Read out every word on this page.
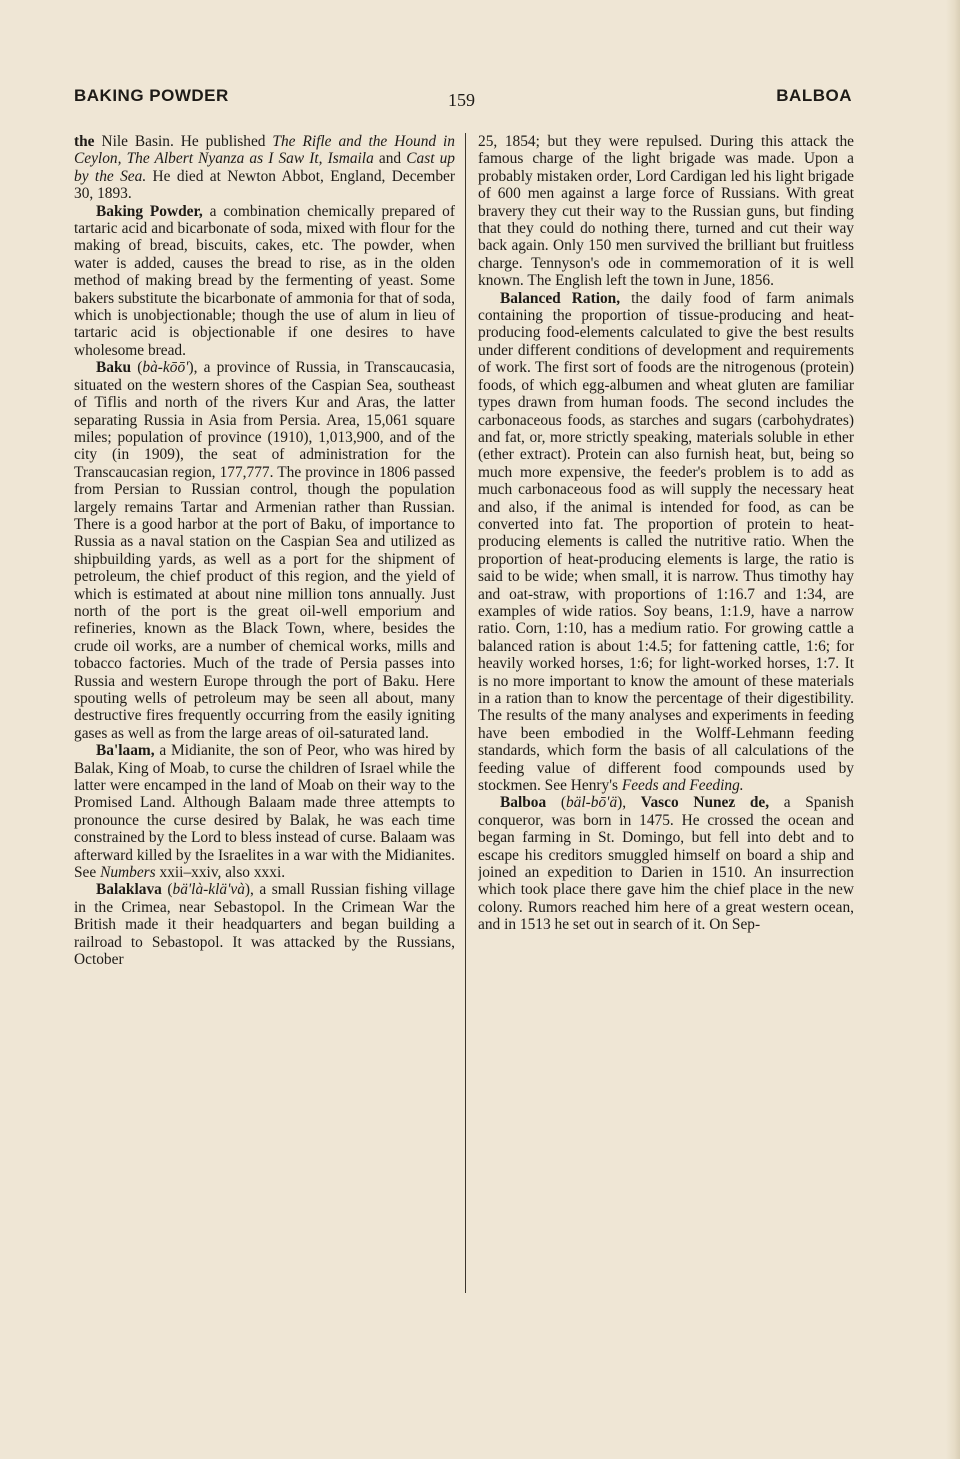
BAKING POWDER	159	BALBOA

the Nile Basin. He published The Rifle and the Hound in Ceylon, The Albert Nyanza as I Saw It, Ismaila and Cast up by the Sea. He died at Newton Abbot, England, December 30, 1893.

Baking Powder, a combination chemically prepared of tartaric acid and bicarbonate of soda, mixed with flour for the making of bread, biscuits, cakes, etc. The powder, when water is added, causes the bread to rise, as in the olden method of making bread by the fermenting of yeast. Some bakers substitute the bicarbonate of ammonia for that of soda, which is unobjectionable; though the use of alum in lieu of tartaric acid is objectionable if one desires to have wholesome bread.

Baku (bà-kōō'), a province of Russia, in Transcaucasia, situated on the western shores of the Caspian Sea, southeast of Tiflis and north of the rivers Kur and Aras, the latter separating Russia in Asia from Persia. Area, 15,061 square miles; population of province (1910), 1,013,900, and of the city (in 1909), the seat of administration for the Transcaucasian region, 177,777. The province in 1806 passed from Persian to Russian control, though the population largely remains Tartar and Armenian rather than Russian. There is a good harbor at the port of Baku, of importance to Russia as a naval station on the Caspian Sea and utilized as shipbuilding yards, as well as a port for the shipment of petroleum, the chief product of this region, and the yield of which is estimated at about nine million tons annually. Just north of the port is the great oil-well emporium and refineries, known as the Black Town, where, besides the crude oil works, are a number of chemical works, mills and tobacco factories. Much of the trade of Persia passes into Russia and western Europe through the port of Baku. Here spouting wells of petroleum may be seen all about, many destructive fires frequently occurring from the easily igniting gases as well as from the large areas of oil-saturated land.

Ba'laam, a Midianite, the son of Peor, who was hired by Balak, King of Moab, to curse the children of Israel while the latter were encamped in the land of Moab on their way to the Promised Land. Although Balaam made three attempts to pronounce the curse desired by Balak, he was each time constrained by the Lord to bless instead of curse. Balaam was afterward killed by the Israelites in a war with the Midianites. See Numbers xxii–xxiv, also xxxi.

Balaklava (bä'là-klä'và), a small Russian fishing village in the Crimea, near Sebastopol. In the Crimean War the British made it their headquarters and began building a railroad to Sebastopol. It was attacked by the Russians, October

25, 1854; but they were repulsed. During this attack the famous charge of the light brigade was made. Upon a probably mistaken order, Lord Cardigan led his light brigade of 600 men against a large force of Russians. With great bravery they cut their way to the Russian guns, but finding that they could do nothing there, turned and cut their way back again. Only 150 men survived the brilliant but fruitless charge. Tennyson's ode in commemoration of it is well known. The English left the town in June, 1856.

Balanced Ration, the daily food of farm animals containing the proportion of tissue-producing and heat-producing food-elements calculated to give the best results under different conditions of development and requirements of work. The first sort of foods are the nitrogenous (protein) foods, of which egg-albumen and wheat gluten are familiar types drawn from human foods. The second includes the carbonaceous foods, as starches and sugars (carbohydrates) and fat, or, more strictly speaking, materials soluble in ether (ether extract). Protein can also furnish heat, but, being so much more expensive, the feeder's problem is to add as much carbonaceous food as will supply the necessary heat and also, if the animal is intended for food, as can be converted into fat. The proportion of protein to heat-producing elements is called the nutritive ratio. When the proportion of heat-producing elements is large, the ratio is said to be wide; when small, it is narrow. Thus timothy hay and oat-straw, with proportions of 1:16.7 and 1:34, are examples of wide ratios. Soy beans, 1:1.9, have a narrow ratio. Corn, 1:10, has a medium ratio. For growing cattle a balanced ration is about 1:4.5; for fattening cattle, 1:6; for heavily worked horses, 1:6; for light-worked horses, 1:7. It is no more important to know the amount of these materials in a ration than to know the percentage of their digestibility. The results of the many analyses and experiments in feeding have been embodied in the Wolff-Lehmann feeding standards, which form the basis of all calculations of the feeding value of different food compounds used by stockmen. See Henry's Feeds and Feeding.

Balboa (bäl-bō'ä), Vasco Nunez de, a Spanish conqueror, was born in 1475. He crossed the ocean and began farming in St. Domingo, but fell into debt and to escape his creditors smuggled himself on board a ship and joined an expedition to Darien in 1510. An insurrection which took place there gave him the chief place in the new colony. Rumors reached him here of a great western ocean, and in 1513 he set out in search of it. On Sep-
